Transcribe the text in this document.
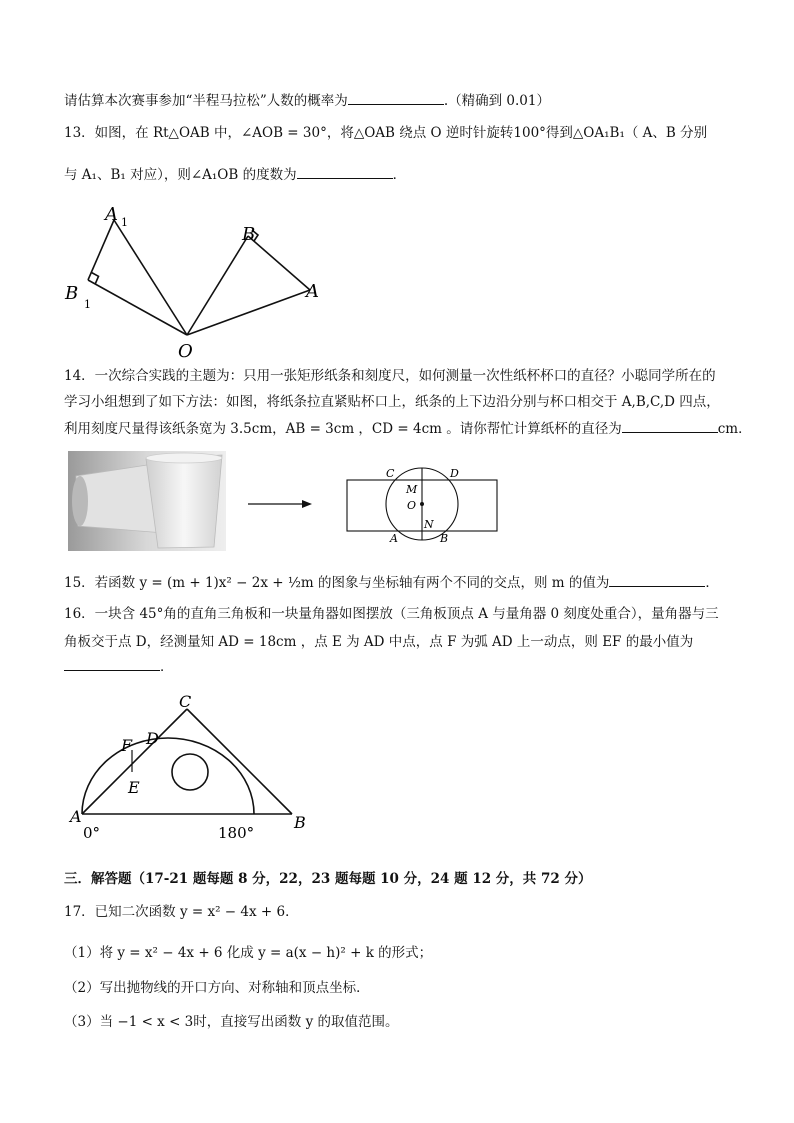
请估算本次赛事参加“半程马拉松”人数的概率为	.（精确到 0.01）
13．如图，在 Rt△OAB 中，∠AOB = 30°，将△OAB 绕点 O 逆时针旋转100°得到△OA₁B₁（ A、B 分别
与 A₁、B₁ 对应），则∠A₁OB 的度数为	．
A 1
B
1
B
A
O
14．一次综合实践的主题为：只用一张矩形纸条和刻度尺，如何测量一次性纸杯杯口的直径？小聪同学所在的
学习小组想到了如下方法：如图，将纸条拉直紧贴杯口上，纸条的上下边沿分别与杯口相交于 A,B,C,D 四点，
利用刻度尺量得该纸条宽为 3.5cm，AB = 3cm ，CD = 4cm 。请你帮忙计算纸杯的直径为	cm．
C	D
M
O
N
A	B
15．若函数 y = (m + 1)x² − 2x + ½m 的图象与坐标轴有两个不同的交点，则 m 的值为	．
16．一块含 45°角的直角三角板和一块量角器如图摆放（三角板顶点 A 与量角器 0 刻度处重合），量角器与三
角板交于点 D，经测量知 AD = 18cm ，点 E 为 AD 中点，点 F 为弧 AD 上一动点，则 EF 的最小值为
．
C
D
F
E
A	B
0°	180°
三．解答题（17-21 题每题 8 分，22，23 题每题 10 分，24 题 12 分，共 72 分）
17．已知二次函数 y = x² − 4x + 6．
（1）将 y = x² − 4x + 6 化成 y = a(x − h)² + k 的形式；
（2）写出抛物线的开口方向、对称轴和顶点坐标．
（3）当 −1 < x < 3时，直接写出函数 y 的取值范围。
